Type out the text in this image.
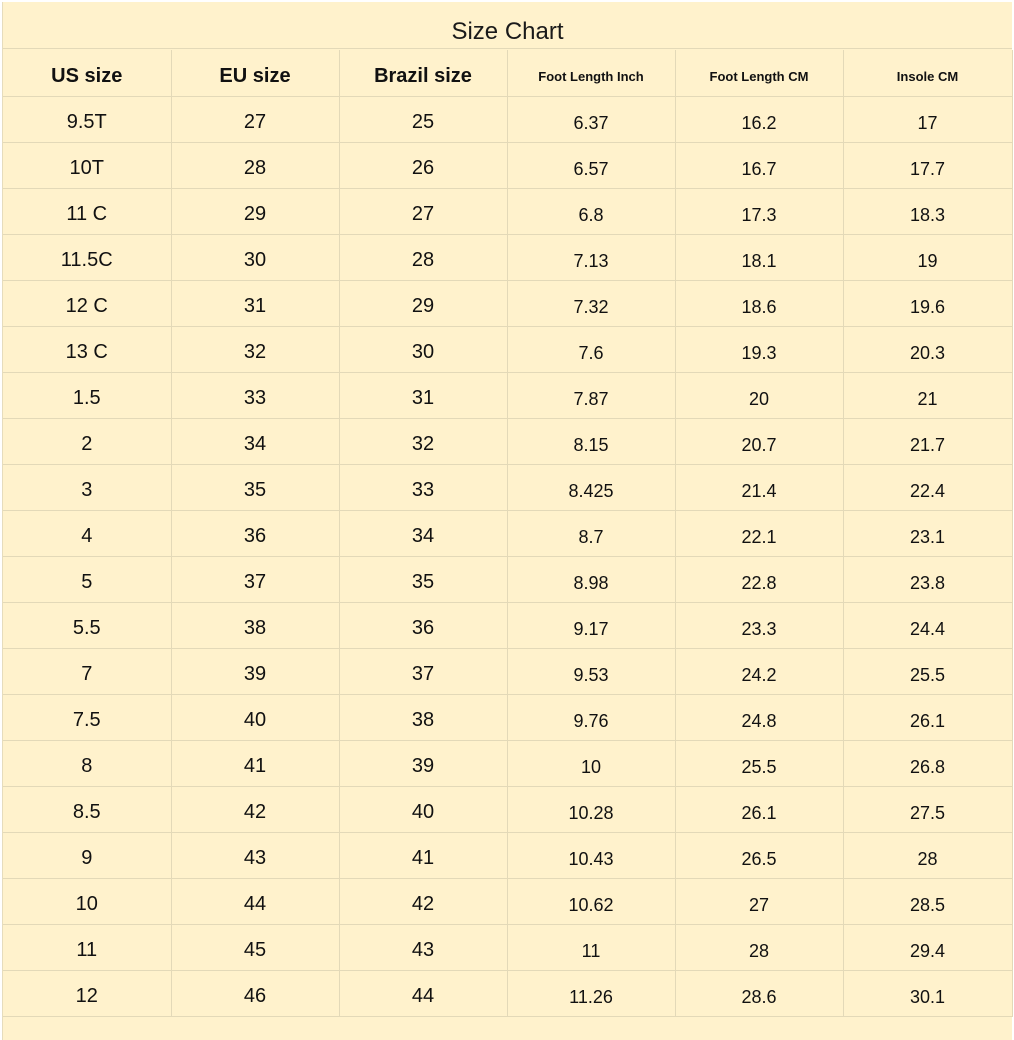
Size Chart
US size	EU size	Brazil size	Foot Length Inch	Foot Length CM	Insole CM
9.5T	27	25	6.37	16.2	17
10T	28	26	6.57	16.7	17.7
11 C	29	27	6.8	17.3	18.3
11.5C	30	28	7.13	18.1	19
12 C	31	29	7.32	18.6	19.6
13 C	32	30	7.6	19.3	20.3
1.5	33	31	7.87	20	21
2	34	32	8.15	20.7	21.7
3	35	33	8.425	21.4	22.4
4	36	34	8.7	22.1	23.1
5	37	35	8.98	22.8	23.8
5.5	38	36	9.17	23.3	24.4
7	39	37	9.53	24.2	25.5
7.5	40	38	9.76	24.8	26.1
8	41	39	10	25.5	26.8
8.5	42	40	10.28	26.1	27.5
9	43	41	10.43	26.5	28
10	44	42	10.62	27	28.5
11	45	43	11	28	29.4
12	46	44	11.26	28.6	30.1
